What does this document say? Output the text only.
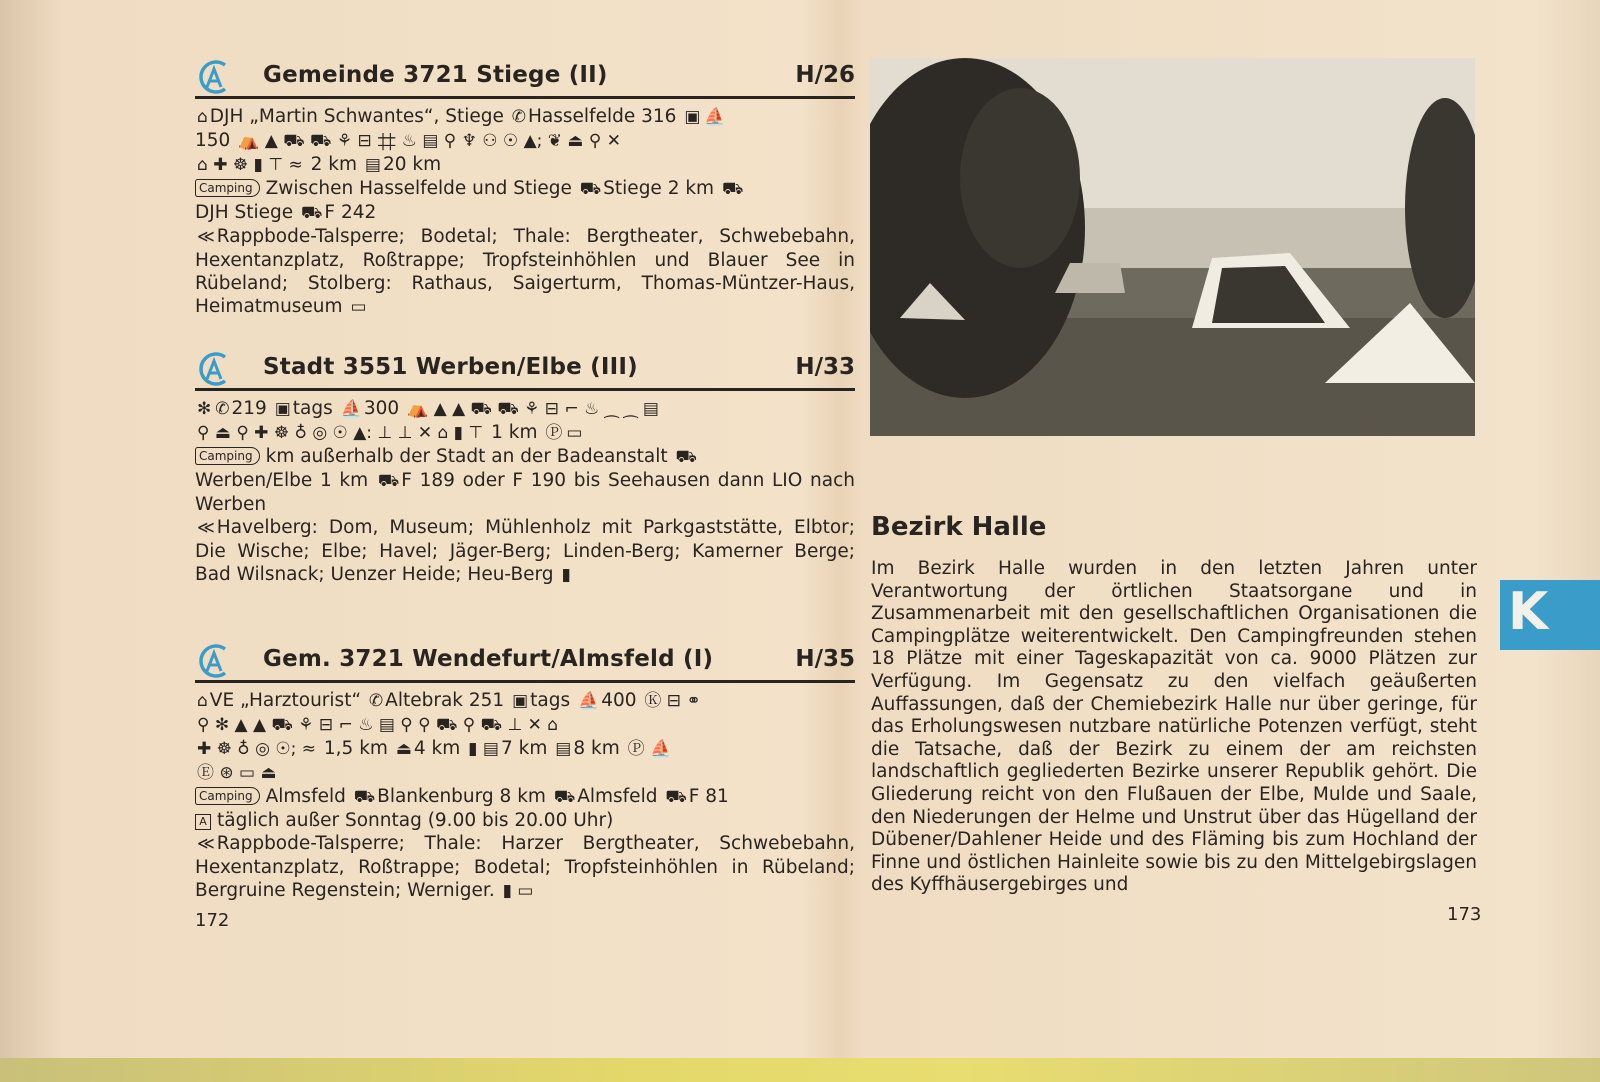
Gemeinde 3721 Stiege (II)	H/26

⌂ DJH „Martin Schwantes“, Stiege ✆ Hasselfelde 316 ▣ ⛵
150 ⛺ ▲ ⛟ ⛟ ⚘ ⊟ ⌗ ♨ ▤ ⚲ ♆ ⚇ ☉ ▲; ❦ ⏏ ⚲ ✕
⌂ ✚ ☸ ▮ ⊤ ≈ 2 km ▤ 20 km

Camping Zwischen Hasselfelde und Stiege ⛟ Stiege 2 km ⛟
DJH Stiege ⛟ F 242

≪ Rappbode-Talsperre; Bodetal; Thale: Bergtheater, Schwebebahn, Hexentanzplatz, Roßtrappe; Tropfsteinhöhlen und Blauer See in Rübeland; Stolberg: Rathaus, Saigerturm, Thomas-Müntzer-Haus, Heimatmuseum ▭

Stadt 3551 Werben/Elbe (III)	H/33

✻ ✆ 219 ▣ tags ⛵ 300 ⛺ ▲ ▲ ⛟ ⛟ ⚘ ⊟ ⌐ ♨ ⁔ ⁔ ▤
⚲ ⏏ ⚲ ✚ ☸ ♁ ◎ ☉ ▲: ⊥ ⊥ ✕ ⌂ ▮ ⊤ 1 km Ⓟ ▭

Camping km außerhalb der Stadt an der Badeanstalt ⛟
Werben/Elbe 1 km ⛟ F 189 oder F 190 bis Seehausen dann LIO nach Werben

≪ Havelberg: Dom, Museum; Mühlenholz mit Parkgaststätte, Elbtor; Die Wische; Elbe; Havel; Jäger-Berg; Linden-Berg; Kamerner Berge; Bad Wilsnack; Uenzer Heide; Heu-Berg ▮

Gem. 3721 Wendefurt/Almsfeld (I)	H/35

⌂ VE „Harztourist“ ✆ Altebrak 251 ▣ tags ⛵ 400 Ⓚ ⊟ ⚭
⚲ ✻ ▲ ▲ ⛟ ⚘ ⊟ ⌐ ♨ ▤ ⚲ ⚲ ⛟ ⚲ ⛟ ⊥ ✕ ⌂
✚ ☸ ♁ ◎ ☉; ≈ 1,5 km ⏏ 4 km ▮ ▤ 7 km ▤ 8 km Ⓟ ⛵
Ⓔ ⊛ ▭ ⏏

Camping Almsfeld ⛟ Blankenburg 8 km ⛟ Almsfeld ⛟ F 81

A täglich außer Sonntag (9.00 bis 20.00 Uhr)

≪ Rappbode-Talsperre; Thale: Harzer Bergtheater, Schwebebahn, Hexentanzplatz, Roßtrappe; Bodetal; Tropfsteinhöhlen in Rübeland; Bergruine Regenstein; Werniger. ▮ ▭

172
Bezirk Halle
Im Bezirk Halle wurden in den letzten Jahren unter Verantwortung der örtlichen Staatsorgane und in Zusammenarbeit mit den gesellschaftlichen Organisationen die Campingplätze weiterentwickelt. Den Campingfreunden stehen 18 Plätze mit einer Tageskapazität von ca. 9000 Plätzen zur Verfügung. Im Gegensatz zu den vielfach geäußerten Auffassungen, daß der Chemiebezirk Halle nur über geringe, für das Erholungswesen nutzbare natürliche Potenzen verfügt, steht die Tatsache, daß der Bezirk zu einem der am reichsten landschaftlich gegliederten Bezirke unserer Republik gehört. Die Gliederung reicht von den Flußauen der Elbe, Mulde und Saale, den Niederungen der Helme und Unstrut über das Hügelland der Dübener/Dahlener Heide und des Fläming bis zum Hochland der Finne und östlichen Hainleite sowie bis zu den Mittelgebirgslagen des Kyffhäusergebirges und
173
K
